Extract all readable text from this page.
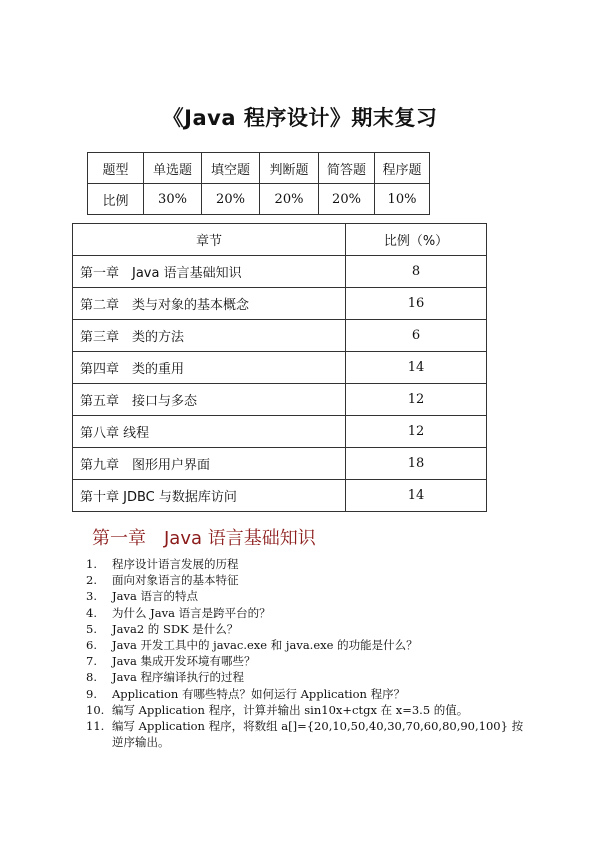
《Java 程序设计》期末复习
题型	单选题	填空题	判断题	简答题	程序题
比例	30%	20%	20%	20%	10%
章节	比例（%）
第一章　Java 语言基础知识	8
第二章　类与对象的基本概念	16
第三章　类的方法	6
第四章　类的重用	14
第五章　接口与多态	12
第八章 线程	12
第九章　图形用户界面	18
第十章 JDBC 与数据库访问	14
第一章　Java 语言基础知识
1. 程序设计语言发展的历程
2. 面向对象语言的基本特征
3. Java 语言的特点
4. 为什么 Java 语言是跨平台的？
5. Java2 的 SDK 是什么？
6. Java 开发工具中的 javac.exe 和 java.exe 的功能是什么？
7. Java 集成开发环境有哪些？
8. Java 程序编译执行的过程
9. Application 有哪些特点？如何运行 Application 程序？
10. 编写 Application 程序，计算并输出 sin10x+ctgx 在 x=3.5 的值。
11. 编写 Application 程序，将数组 a[]={20,10,50,40,30,70,60,80,90,100} 按逆序输出。
